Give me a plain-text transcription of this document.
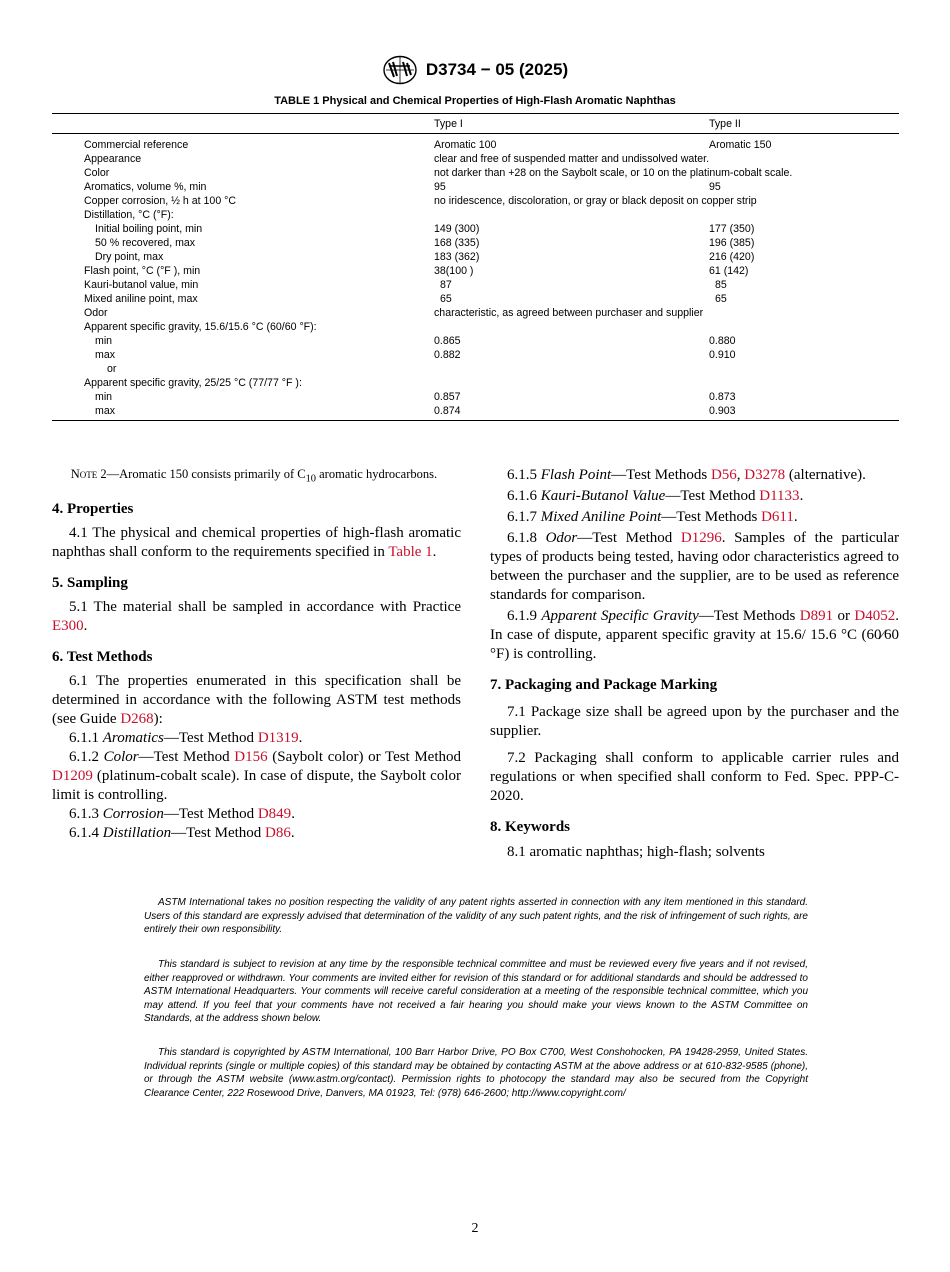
D3734 − 05 (2025)
TABLE 1 Physical and Chemical Properties of High-Flash Aromatic Naphthas
	Type I	Type II
Commercial reference	Aromatic 100	Aromatic 150
Appearance	clear and free of suspended matter and undissolved water.	
Color	not darker than +28 on the Saybolt scale, or 10 on the platinum-cobalt scale.	
Aromatics, volume %, min	95	95
Copper corrosion, ½ h at 100 °C	no iridescence, discoloration, or gray or black deposit on copper strip	
Distillation, °C (°F):		
Initial boiling point, min	149 (300)	177 (350)
50 % recovered, max	168 (335)	196 (385)
Dry point, max	183 (362)	216 (420)
Flash point, °C (°F ), min	38(100 )	61 (142)
Kauri-butanol value, min	87	85
Mixed aniline point, max	65	65
Odor	characteristic, as agreed between purchaser and supplier	
Apparent specific gravity, 15.6/15.6 °C (60/60 °F):		
min	0.865	0.880
max	0.882	0.910
or		
Apparent specific gravity, 25/25 °C (77/77 °F ):		
min	0.857	0.873
max	0.874	0.903

Note 2—Aromatic 150 consists primarily of $C_{10}$ aromatic hydrocarbons.

4. Properties

4.1 The physical and chemical properties of high-flash aromatic naphthas shall conform to the requirements specified in Table 1.

5. Sampling

5.1 The material shall be sampled in accordance with Practice E300.

6. Test Methods

6.1 The properties enumerated in this specification shall be determined in accordance with the following ASTM test methods (see Guide D268):

6.1.1 Aromatics—Test Method D1319.

6.1.2 Color—Test Method D156 (Saybolt color) or Test Method D1209 (platinum-cobalt scale). In case of dispute, the Saybolt color limit is controlling.

6.1.3 Corrosion—Test Method D849.

6.1.4 Distillation—Test Method D86.

6.1.5 Flash Point—Test Methods D56, D3278 (alternative).

6.1.6 Kauri-Butanol Value—Test Method D1133.

6.1.7 Mixed Aniline Point—Test Methods D611.

6.1.8 Odor—Test Method D1296. Samples of the particular types of products being tested, having odor characteristics agreed to between the purchaser and the supplier, are to be used as reference standards for comparison.

6.1.9 Apparent Specific Gravity—Test Methods D891 or D4052. In case of dispute, apparent specific gravity at 15.6/ 15.6 °C (60⁄60 °F) is controlling.

7. Packaging and Package Marking

7.1 Package size shall be agreed upon by the purchaser and the supplier.

7.2 Packaging shall conform to applicable carrier rules and regulations or when specified shall conform to Fed. Spec. PPP-C-2020.

8. Keywords

8.1 aromatic naphthas; high-flash; solvents

ASTM International takes no position respecting the validity of any patent rights asserted in connection with any item mentioned in this standard. Users of this standard are expressly advised that determination of the validity of any such patent rights, and the risk of infringement of such rights, are entirely their own responsibility.

This standard is subject to revision at any time by the responsible technical committee and must be reviewed every five years and if not revised, either reapproved or withdrawn. Your comments are invited either for revision of this standard or for additional standards and should be addressed to ASTM International Headquarters. Your comments will receive careful consideration at a meeting of the responsible technical committee, which you may attend. If you feel that your comments have not received a fair hearing you should make your views known to the ASTM Committee on Standards, at the address shown below.

This standard is copyrighted by ASTM International, 100 Barr Harbor Drive, PO Box C700, West Conshohocken, PA 19428-2959, United States. Individual reprints (single or multiple copies) of this standard may be obtained by contacting ASTM at the above address or at 610-832-9585 (phone), or through the ASTM website (www.astm.org/contact). Permission rights to photocopy the standard may also be secured from the Copyright Clearance Center, 222 Rosewood Drive, Danvers, MA 01923, Tel: (978) 646-2600; http://www.copyright.com/

2
